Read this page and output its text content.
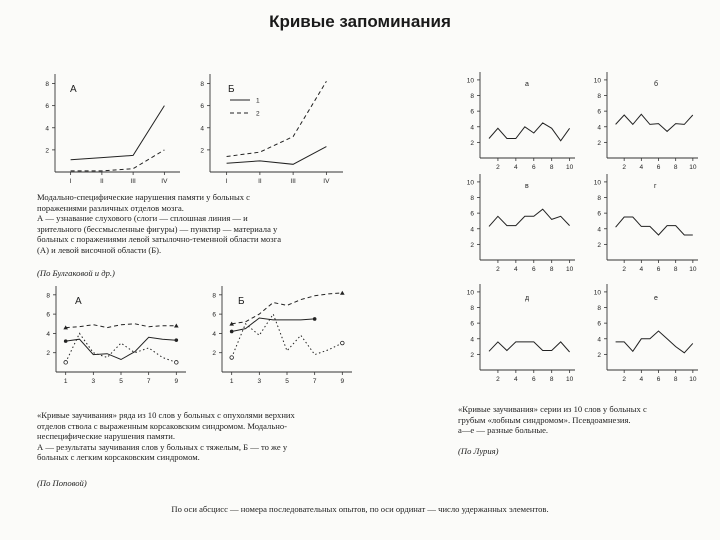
Кривые запоминания
2
4
6
8
I	II	III	IV
А
2
4
6
8
I	II	III	IV
Б
1
2
2
4
6
8
1	3	5	7	9
А
2
4
6
8
1	3	5	7	9
Б
2
4
6
8
10
2 4 6 8 10
а
2
4
6
8
10
2 4 6 8 10
б
2
4
6
8
10
2 4 6 8 10
в
2
4
6
8
10
2 4 6 8 10
г
2
4
6
8
10
2 4 6 8 10
д
2
4
6
8
10
2 4 6 8 10
е
Модально-специфические нарушения памяти у больных с
поражениями различных отделов мозга.
А — узнавание слухового (слоги — сплошная линия — и
зрительного (бессмысленные фигуры) — пунктир — материала у
больных с поражениями левой затылочно-теменной области мозга
(А) и левой височной области (Б).
(По Булгаковой и др.)
«Кривые заучивания» ряда из 10 слов у больных с опухолями верхних
отделов ствола с выраженным корсаковским синдромом. Модально-
неспецифические нарушения памяти.
А — результаты заучивания слов у больных с тяжелым, Б — то же у
больных с легким корсаковским синдромом.
(По Поповой)
«Кривые заучивания» серии из 10 слов у больных с
грубым «лобным синдромом». Псевдоамнезия.
а—е — разные больные.
(По Лурия)
По оси абсцисс — номера последовательных опытов, по оси ординат — число удержанных элементов.
